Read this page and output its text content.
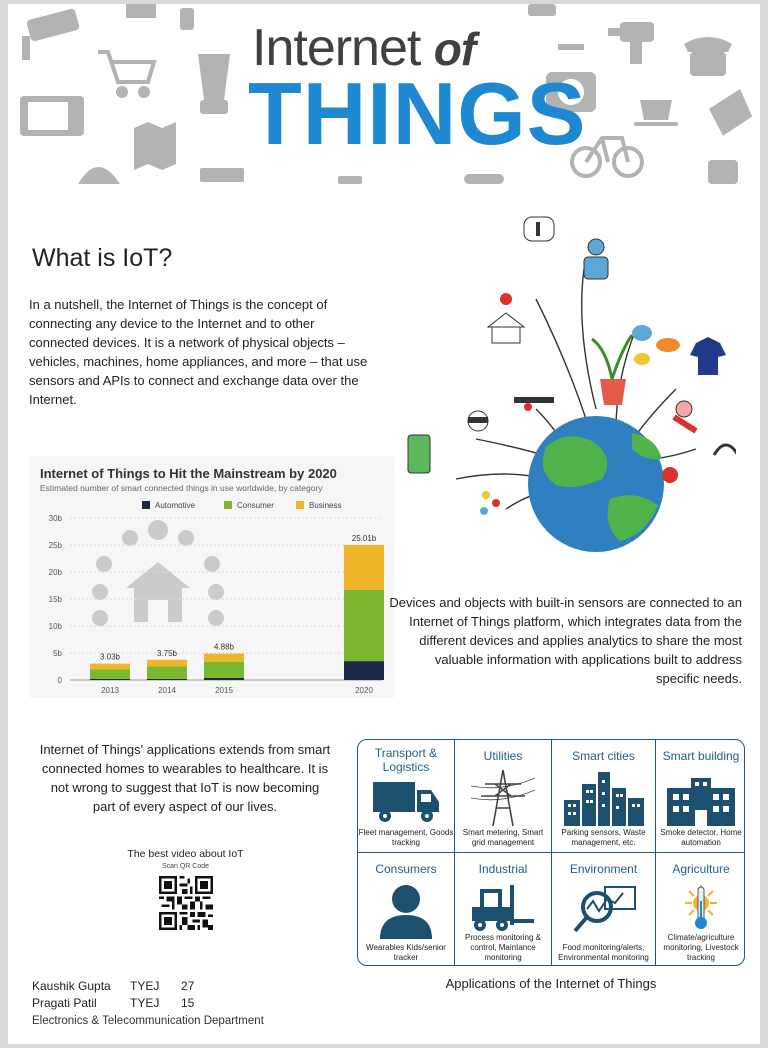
Internet of
THINGS
What is IoT?
In a nutshell, the Internet of Things is the concept of connecting any device to the Internet and to other connected devices. It is a network of physical objects – vehicles, machines, home appliances, and more – that use sensors and APIs to connect and exchange data over the Internet.
Internet of Things to Hit the Mainstream by 2020
Estimated number of smart connected things in use worldwide, by category
0
5b
10b
15b
20b
25b
30b
Automotive	Consumer	Business
3.03b
2013
3.75b
2014
4.88b
2015
25.01b
2020
Devices and objects with built-in sensors are connected to an Internet of Things platform, which integrates data from the different devices and applies analytics to share the most valuable information with applications built to address specific needs.
Internet of Things' applications extends from smart connected homes to wearables to healthcare. It is not wrong to suggest that IoT is now becoming part of every aspect of our lives.
The best video about IoT
Scan QR Code
Transport & Logistics
Fleet management, Goods tracking
Utilities
Smart metering, Smart grid management
Smart cities
Parking sensors, Waste management, etc.
Smart building
Smoke detector, Home automation
Consumers
Wearables Kids/senior tracker
Industrial
Process monitoring & control, Maintance monitoring
Environment
Food monitoring/alerts, Environmental monitoring
Agriculture
Climate/agriculture monitoring, Livestock tracking
Applications of the Internet of Things
Kaushik Gupta	TYEJ	27
Pragati Patil	TYEJ	15
Electronics & Telecommunication Department
